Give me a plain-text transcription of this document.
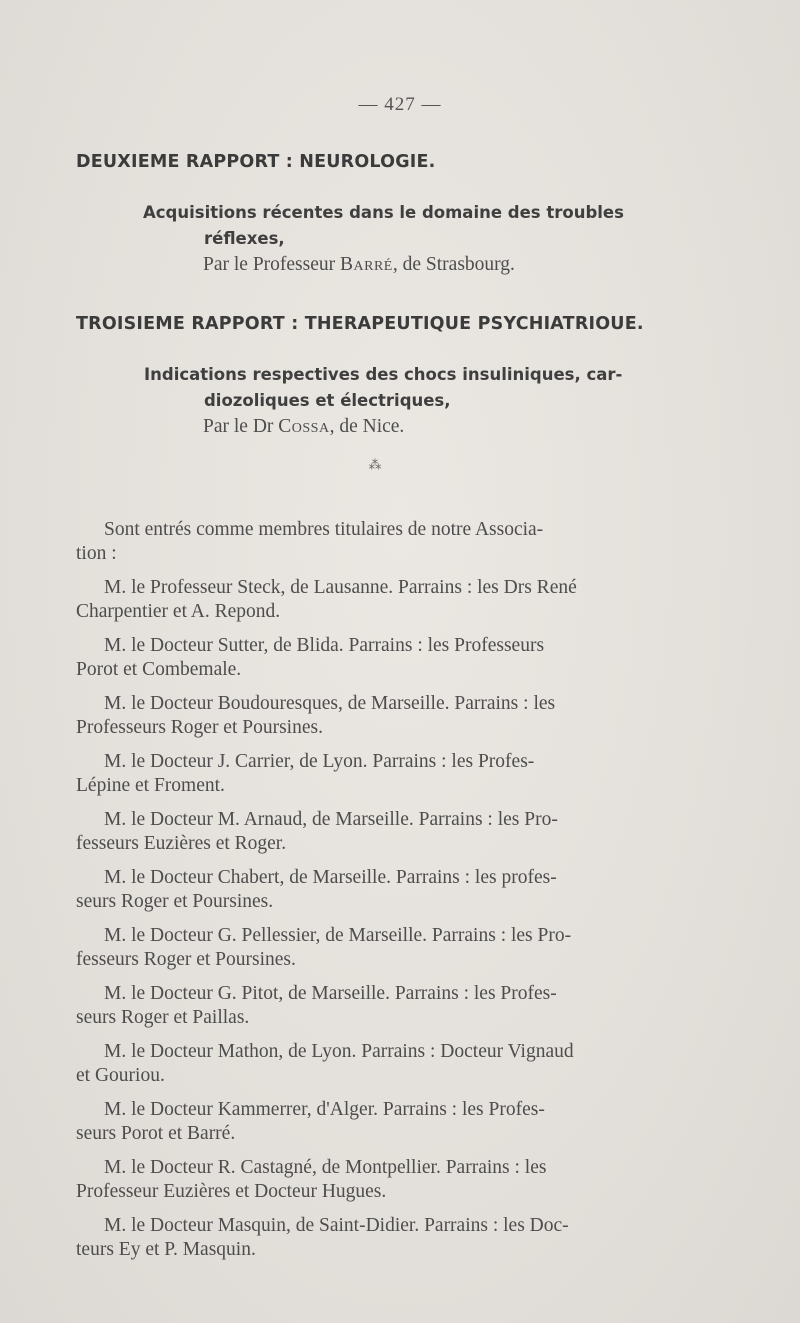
— 427 —
DEUXIEME RAPPORT : NEUROLOGIE.
Acquisitions récentes dans le domaine des troubles
réflexes,
Par le Professeur Barré, de Strasbourg.
TROISIEME RAPPORT : THERAPEUTIQUE PSYCHIATRIOUE.
Indications respectives des chocs insuliniques, car-
diozoliques et électriques,
Par le Dr Cossa, de Nice.
⁂

Sont entrés comme membres titulaires de notre Associa-
tion :

M. le Professeur Steck, de Lausanne. Parrains : les Drs René
Charpentier et A. Repond.

M. le Docteur Sutter, de Blida. Parrains : les Professeurs
Porot et Combemale.

M. le Docteur Boudouresques, de Marseille. Parrains : les
Professeurs Roger et Poursines.

M. le Docteur J. Carrier, de Lyon. Parrains : les Profes-
Lépine et Froment.

M. le Docteur M. Arnaud, de Marseille. Parrains : les Pro-
fesseurs Euzières et Roger.

M. le Docteur Chabert, de Marseille. Parrains : les profes-
seurs Roger et Poursines.

M. le Docteur G. Pellessier, de Marseille. Parrains : les Pro-
fesseurs Roger et Poursines.

M. le Docteur G. Pitot, de Marseille. Parrains : les Profes-
seurs Roger et Paillas.

M. le Docteur Mathon, de Lyon. Parrains : Docteur Vignaud
et Gouriou.

M. le Docteur Kammerrer, d'Alger. Parrains : les Profes-
seurs Porot et Barré.

M. le Docteur R. Castagné, de Montpellier. Parrains : les
Professeur Euzières et Docteur Hugues.

M. le Docteur Masquin, de Saint-Didier. Parrains : les Doc-
teurs Ey et P. Masquin.
